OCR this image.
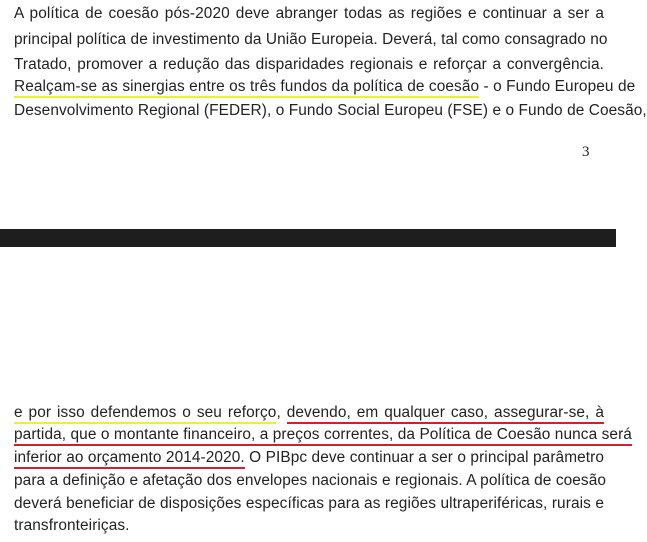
A política de coesão pós-2020 deve abranger todas as regiões e continuar a ser a
principal política de investimento da União Europeia. Deverá, tal como consagrado no
Tratado, promover a redução das disparidades regionais e reforçar a convergência.
Realçam-se as sinergias entre os três fundos da política de coesão - o Fundo Europeu de
Desenvolvimento Regional (FEDER), o Fundo Social Europeu (FSE) e o Fundo de Coesão,
3
e por isso defendemos o seu reforço, devendo, em qualquer caso, assegurar-se, à
partida, que o montante financeiro, a preços correntes, da Política de Coesão nunca será
inferior ao orçamento 2014-2020. O PIBpc deve continuar a ser o principal parâmetro
para a definição e afetação dos envelopes nacionais e regionais. A política de coesão
deverá beneficiar de disposições específicas para as regiões ultraperiféricas, rurais e
transfronteiriças.
